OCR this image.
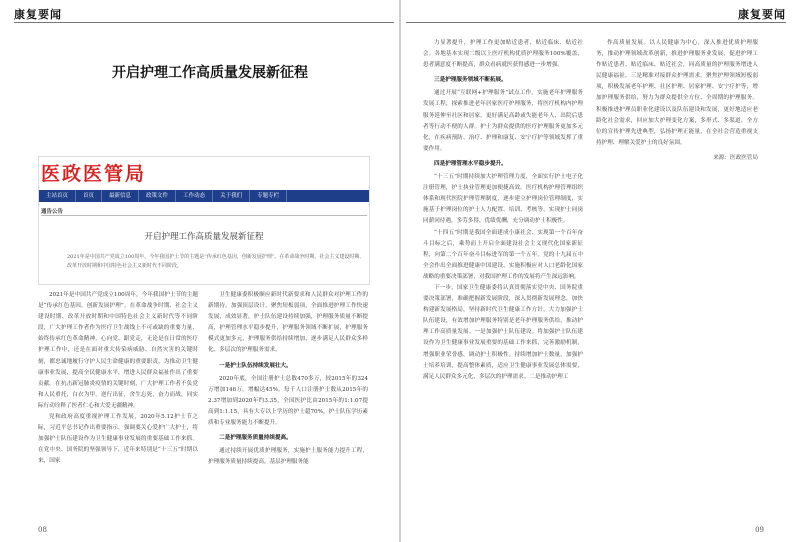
康复要闻
开启护理工作高质量发展新征程
医政医管局
主站首页	首页	最新信息	政策文件	工作动态	关于我们	专题专栏
通告公告
开启护理工作高质量发展新征程
2021年是中国共产党成立100周年。今年我国护士节的主题是“传承红色基因，创新发展护理”。在革命战争时期、社会主义建设时期、改革开放时期和中国特色社会主义新时代不同阶段，

2021年是中国共产党成立100周年，今年我国护士节的主题是“传承红色基因，创新发展护理”。在革命战争时期、社会主义建设时期、改革开放时期和中国特色社会主义新时代等不同阶段，广大护理工作者作为医疗卫生战线上不可或缺的重要力量，始终传承红色革命精神，心向党、跟党走，无论是在日常的医疗护理工作中，还是在面对重大传染病威胁、自然灾害的关键时刻，都忠诚地履行守护人民生命健康的重要职责，为推动卫生健康事业发展，提高全民健康水平，增进人民群众福祉作出了重要贡献。在抗击新冠肺炎疫情的关键时刻，广大护理工作者不负党和人民重托，白衣为甲，逆行出征，舍生忘死，奋力而战，同实际行动诠释了医者仁心和大爱无疆精神。

党和政府高度重视护理工作发展，2020年5.12护士节之际，习近平总书记作出重要指示，强调要关心爱护广大护士，将加强护士队伍建设作为卫生健康事业发展的重要基础工作来抓。在党中央、国务院的坚强领导下，近年来特别是“十三五”时期以来，国家

卫生健康委积极顺应新时代新要求和人民群众对护理工作的新期待，加强顶层设计，聚焦短板弱项，全面推进护理工作快速发展，成效显著，护士队伍建设持续加强，护理服务质量不断提高，护理管理水平稳步提升，护理服务领域不断扩展，护理服务模式更加多元，护理服务供给持续增加，逐步满足人民群众多样化、多层次的护理服务需求。

一是护士队伍持续发展壮大。

2020年底，全国注册护士总数470多万，较2015年的324万增加146万，增幅达45%。每千人口注册护士数从2015年的2.37增加到2020年约3.35，全国医护比由2015年的1:1.07提高到1:1.15，具有大专以上学历的护士超70%，护士队伍学历素质和专业服务能力不断提升。

二是护理服务质量持续提高。

通过持续开展优质护理服务，实施护士服务能力提升工程，护理服务质量持续提高，基层护理服务能

08
康复要闻

力显著提升，护理工作更加贴近患者、贴近临床、贴近社会。各地基本实现二级以上医疗机构优质护理服务100%覆盖，患者满意度不断提高，群众看病就医获得感进一步增强。

三是护理服务领域不断拓展。

通过开展“互联网+护理服务”试点工作，实施老年护理服务发展工程，探索推进老年居家医疗护理服务，将医疗机构内护理服务延伸至社区和居家，更好满足高龄或失能老年人、出院后患者等行动不便的人群。护士为群众提供的医疗护理服务更加多元化，在疾病预防、治疗、护理和康复、安宁疗护等领域发挥了重要作用。

四是护理管理水平稳步提升。

“十三五”时期持续加大护理管理力度，全面实行护士电子化注册管理，护士执业管理更加便捷高效。医疗机构护理管理组织体系和现代医院护理管理制度，逐步建立护理岗位管理制度，实施基于护理岗位的护士人力配置、培训、考核等，实现护士同岗同薪同待遇，多劳多得，优绩优酬，充分调动护士积极性。

“十四五”时期是我国全面建成小康社会、实现第一个百年奋斗目标之后，乘势而上开启全面建设社会主义现代化国家新征程，向第二个百年奋斗目标进军的第一个五年。党的十九届五中全会作出全面推进健康中国建设、实施积极应对人口老龄化国家战略的重要决策部署，对我国护理工作的发展将产生深远影响。

下一步，国家卫生健康委将认真贯彻落实党中央、国务院重要决策部署，准确把握新发展阶段，深入贯彻新发展理念，加快构建新发展格局，坚持新时代卫生健康工作方针，大力加强护士队伍建设，有效增加护理服务特别是老年护理服务供给，推动护理工作高质量发展。一是加强护士队伍建设。将加强护士队伍建设作为卫生健康事业发展重要的基础工作来抓，完善激励机制，增强职业荣誉感，调动护士积极性。持续增加护士数量，加强护士培养培训，提高整体素质，适应卫生健康事业发展总体需要，满足人民群众多元化、多层次的护理需求。二是推动护理工

作高质量发展。以人民健康为中心，深入推进优质护理服务，推动护理领域改革创新，推进护理服务业发展，促进护理工作贴近患者、贴近临床、贴近社会，同高质量的护理服务增进人民健康福祉。三是精准对接群众护理需求。聚焦护理领域短板弱项，积极发展老年护理、社区护理、居家护理、安宁疗护等，增加护理服务供给，努力为群众提供全方位、全周期的护理服务。积极推进护理员职业化建设以及队伍建设和发展，更好地适应老龄化社会需求，回应加大护理变化方案，多形式、多渠道、全方位的宣传护理先进典型，弘扬护理正能量，在全社会营造重视支持护理、理解关爱护士的良好氛围。

来源：医政医管局

09
